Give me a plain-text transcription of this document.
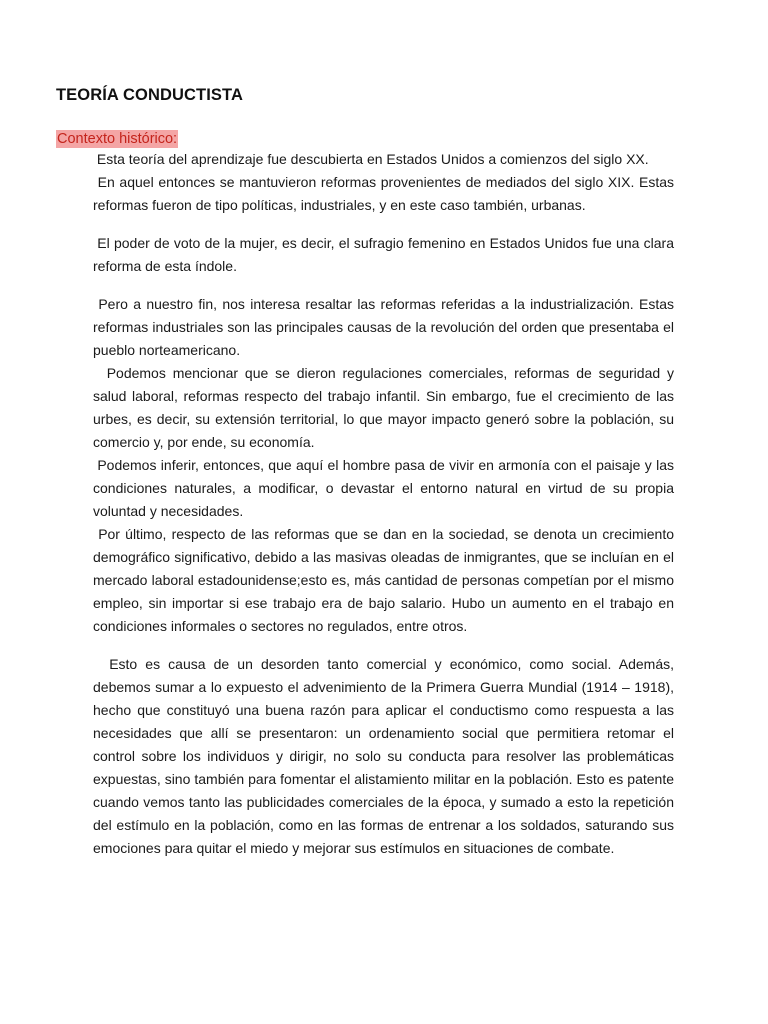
TEORÍA CONDUCTISTA
Contexto histórico:

Esta teoría del aprendizaje fue descubierta en Estados Unidos a comienzos del siglo XX.

En aquel entonces se mantuvieron reformas provenientes de mediados del siglo XIX. Estas reformas fueron de tipo políticas, industriales, y en este caso también, urbanas.

El poder de voto de la mujer, es decir, el sufragio femenino en Estados Unidos fue una clara reforma de esta índole.

Pero a nuestro fin, nos interesa resaltar las reformas referidas a la industrialización. Estas reformas industriales son las principales causas de la revolución del orden que presentaba el pueblo norteamericano.

Podemos mencionar que se dieron regulaciones comerciales, reformas de seguridad y salud laboral, reformas respecto del trabajo infantil. Sin embargo, fue el crecimiento de las urbes, es decir, su extensión territorial, lo que mayor impacto generó sobre la población, su comercio y, por ende, su economía.

Podemos inferir, entonces, que aquí el hombre pasa de vivir en armonía con el paisaje y las condiciones naturales, a modificar, o devastar el entorno natural en virtud de su propia voluntad y necesidades.

Por último, respecto de las reformas que se dan en la sociedad, se denota un crecimiento demográfico significativo, debido a las masivas oleadas de inmigrantes, que se incluían en el mercado laboral estadounidense;esto es, más cantidad de personas competían por el mismo empleo, sin importar si ese trabajo era de bajo salario. Hubo un aumento en el trabajo en condiciones informales o sectores no regulados, entre otros.

Esto es causa de un desorden tanto comercial y económico, como social. Además, debemos sumar a lo expuesto el advenimiento de la Primera Guerra Mundial (1914 – 1918), hecho que constituyó una buena razón para aplicar el conductismo como respuesta a las necesidades que allí se presentaron: un ordenamiento social que permitiera retomar el control sobre los individuos y dirigir, no solo su conducta para resolver las problemáticas expuestas, sino también para fomentar el alistamiento militar en la población. Esto es patente cuando vemos tanto las publicidades comerciales de la época, y sumado a esto la repetición del estímulo en la población, como en las formas de entrenar a los soldados, saturando sus emociones para quitar el miedo y mejorar sus estímulos en situaciones de combate.
